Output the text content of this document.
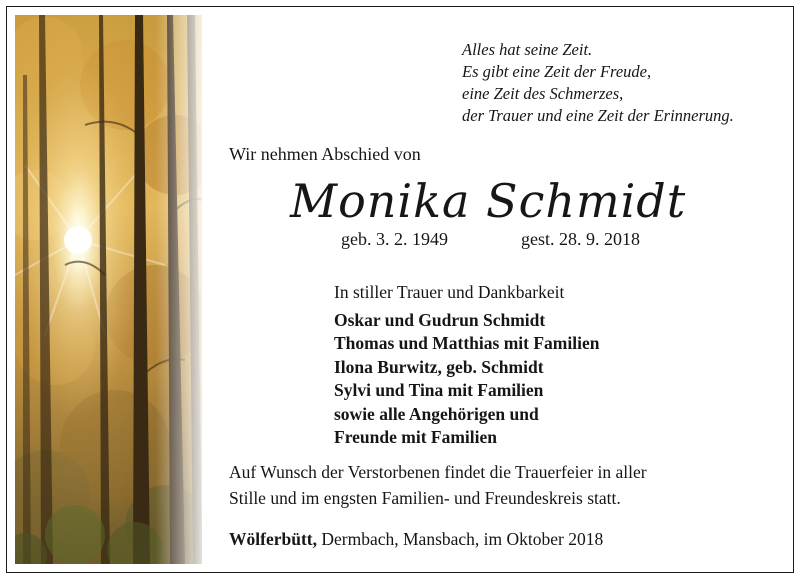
Alles hat seine Zeit.
Es gibt eine Zeit der Freude,
eine Zeit des Schmerzes,
der Trauer und eine Zeit der Erinnerung.
Wir nehmen Abschied von
Monika Schmidt
geb. 3. 2. 1949	gest. 28. 9. 2018
In stiller Trauer und Dankbarkeit
Oskar und Gudrun Schmidt
Thomas und Matthias mit Familien
Ilona Burwitz, geb. Schmidt
Sylvi und Tina mit Familien
sowie alle Angehörigen und
Freunde mit Familien
Auf Wunsch der Verstorbenen findet die Trauerfeier in aller
Stille und im engsten Familien- und Freundeskreis statt.
Wölferbütt, Dermbach, Mansbach, im Oktober 2018
